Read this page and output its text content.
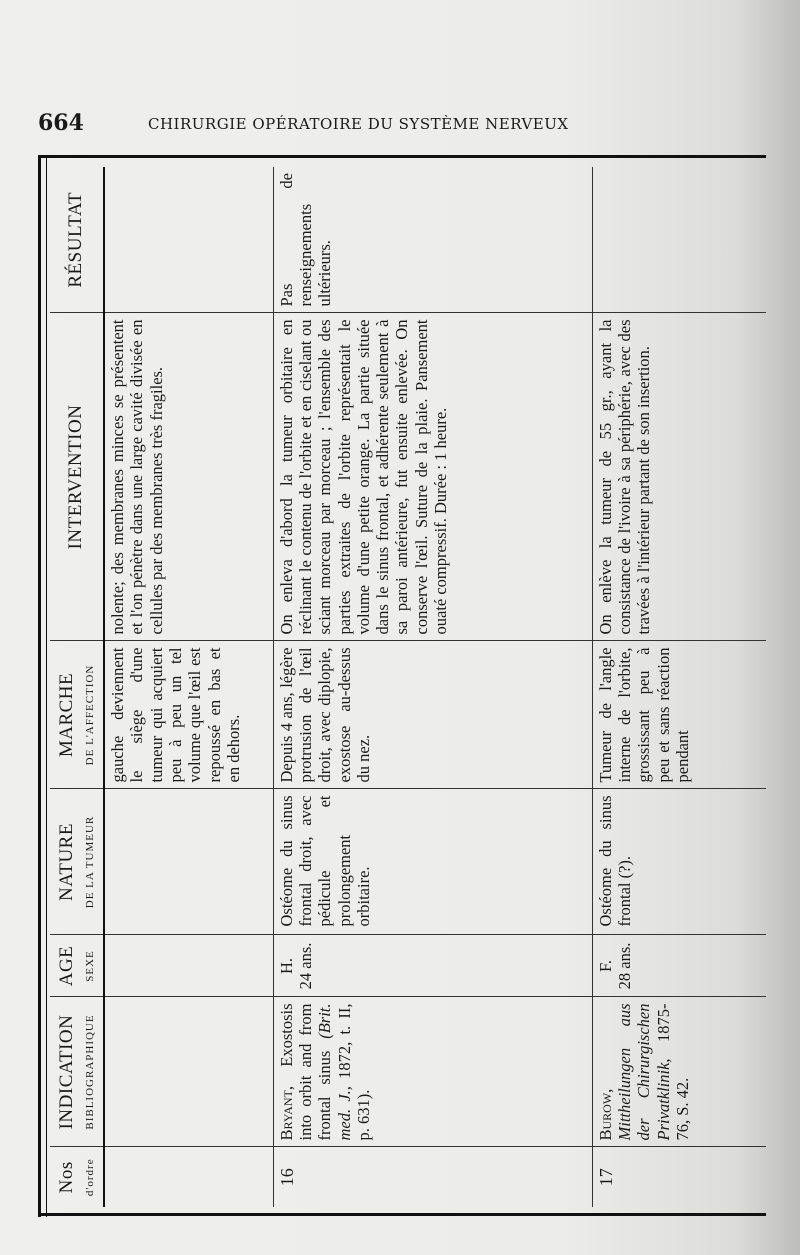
664	CHIRURGIE OPÉRATOIRE DU SYSTÈME NERVEUX
Nos d'ordre	INDICATION BIBLIOGRAPHIQUE	AGE SEXE	NATURE DE LA TUMEUR	MARCHE DE L'AFFECTION	INTERVENTION	RÉSULTAT

				gauche deviennent le siège d'une tumeur qui acquiert peu à peu un tel volume que l'œil est repoussé en bas et en dehors.	nolente; des membranes minces se présentent et l'on pénètre dans une large cavité divisée en cellules par des membranes très fragiles.	
16	Bryant, Exostosis into orbit and from frontal sinus (Brit. med. J., 1872, t. II, p. 631).	H. 24 ans.	Ostéome du sinus frontal droit, avec pédicule et prolongement orbitaire.	Depuis 4 ans, légère protrusion de l'œil droit, avec diplopie, exostose au-dessus du nez.	On enleva d'abord la tumeur orbitaire en réclinant le contenu de l'orbite et en ciselant ou sciant morceau par morceau ; l'ensemble des parties extraites de l'orbite représentait le volume d'une petite orange. La partie située dans le sinus frontal, et adhérente seulement à sa paroi antérieure, fut ensuite enlevée. On conserve l'œil. Suture de la plaie. Pansement ouaté compressif. Durée : 1 heure.	Pas de renseignements ultérieurs.
17	Burow, Mittheilungen aus der Chirurgischen Privatklinik, 1875-76, S. 42.	F. 28 ans.	Ostéome du sinus frontal (?).	Tumeur de l'angle interne de l'orbite, grossissant peu à peu et sans réaction pendant	On enlève la tumeur de 55 gr., ayant la consistance de l'ivoire à sa périphérie, avec des travées à l'intérieur partant de son insertion.	
